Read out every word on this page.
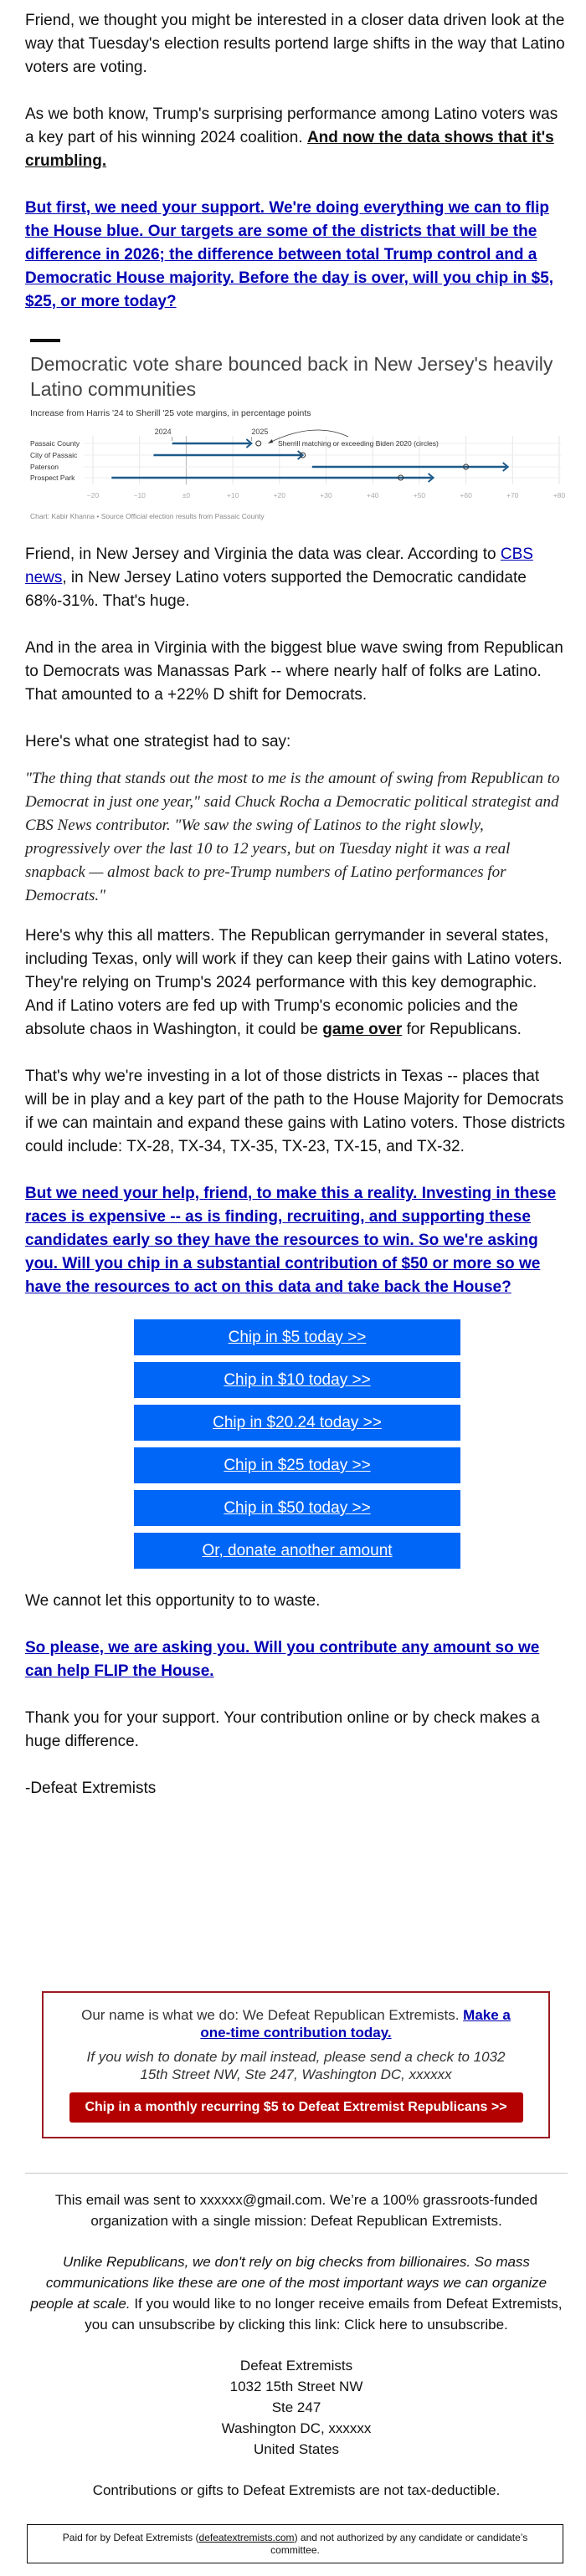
Friend, we thought you might be interested in a closer data driven look at the way that Tuesday's election results portend large shifts in the way that Latino voters are voting.

As we both know, Trump's surprising performance among Latino voters was a key part of his winning 2024 coalition. And now the data shows that it's crumbling.

But first, we need your support. We're doing everything we can to flip the House blue. Our targets are some of the districts that will be the difference in 2026; the difference between total Trump control and a Democratic House majority. Before the day is over, will you chip in $5, $25, or more today?

Democratic vote share bounced back in New Jersey's heavily
Latino communities
Increase from Harris '24 to Sherill '25 vote margins, in percentage points
−20	−10	±0	+10	+20	+30	+40	+50	+60	+70	+80
Passaic County
City of Passaic
Paterson
Prospect Park
2024	2025
Sherrill matching or exceeding Biden 2020 (circles)
Chart: Kabir Khanna • Source Official election results from Passaic County

Friend, in New Jersey and Virginia the data was clear. According to CBS news, in New Jersey Latino voters supported the Democratic candidate 68%-31%. That's huge.

And in the area in Virginia with the biggest blue wave swing from Republican to Democrats was Manassas Park -- where nearly half of folks are Latino. That amounted to a +22% D shift for Democrats.

Here's what one strategist had to say:

"The thing that stands out the most to me is the amount of swing from Republican to Democrat in just one year," said Chuck Rocha a Democratic political strategist and CBS News contributor. "We saw the swing of Latinos to the right slowly, progressively over the last 10 to 12 years, but on Tuesday night it was a real snapback — almost back to pre-Trump numbers of Latino performances for Democrats."

Here's why this all matters. The Republican gerrymander in several states, including Texas, only will work if they can keep their gains with Latino voters. They're relying on Trump's 2024 performance with this key demographic. And if Latino voters are fed up with Trump's economic policies and the absolute chaos in Washington, it could be game over for Republicans.

That's why we're investing in a lot of those districts in Texas -- places that will be in play and a key part of the path to the House Majority for Democrats if we can maintain and expand these gains with Latino voters. Those districts could include: TX-28, TX-34, TX-35, TX-23, TX-15, and TX-32.

But we need your help, friend, to make this a reality. Investing in these races is expensive -- as is finding, recruiting, and supporting these candidates early so they have the resources to win. So we're asking you. Will you chip in a substantial contribution of $50 or more so we have the resources to act on this data and take back the House?

Chip in $5 today >>
Chip in $10 today >>
Chip in $20.24 today >>
Chip in $25 today >>
Chip in $50 today >>
Or, donate another amount

We cannot let this opportunity to to waste.

So please, we are asking you. Will you contribute any amount so we can help FLIP the House.

Thank you for your support. Your contribution online or by check makes a huge difference.

-Defeat Extremists

Our name is what we do: We Defeat Republican Extremists. Make a one-time contribution today.
If you wish to donate by mail instead, please send a check to 1032 15th Street NW, Ste 247, Washington DC, xxxxxx
Chip in a monthly recurring $5 to Defeat Extremist Republicans >>

This email was sent to xxxxxx@gmail.com. We’re a 100% grassroots-funded organization with a single mission: Defeat Republican Extremists.

Unlike Republicans, we don't rely on big checks from billionaires. So mass communications like these are one of the most important ways we can organize people at scale. If you would like to no longer receive emails from Defeat Extremists, you can unsubscribe by clicking this link: Click here to unsubscribe.

Defeat Extremists
1032 15th Street NW
Ste 247
Washington DC, xxxxxx
United States

Contributions or gifts to Defeat Extremists are not tax-deductible.

Paid for by Defeat Extremists (defeatextremists.com) and not authorized by any candidate or candidate’s committee.
